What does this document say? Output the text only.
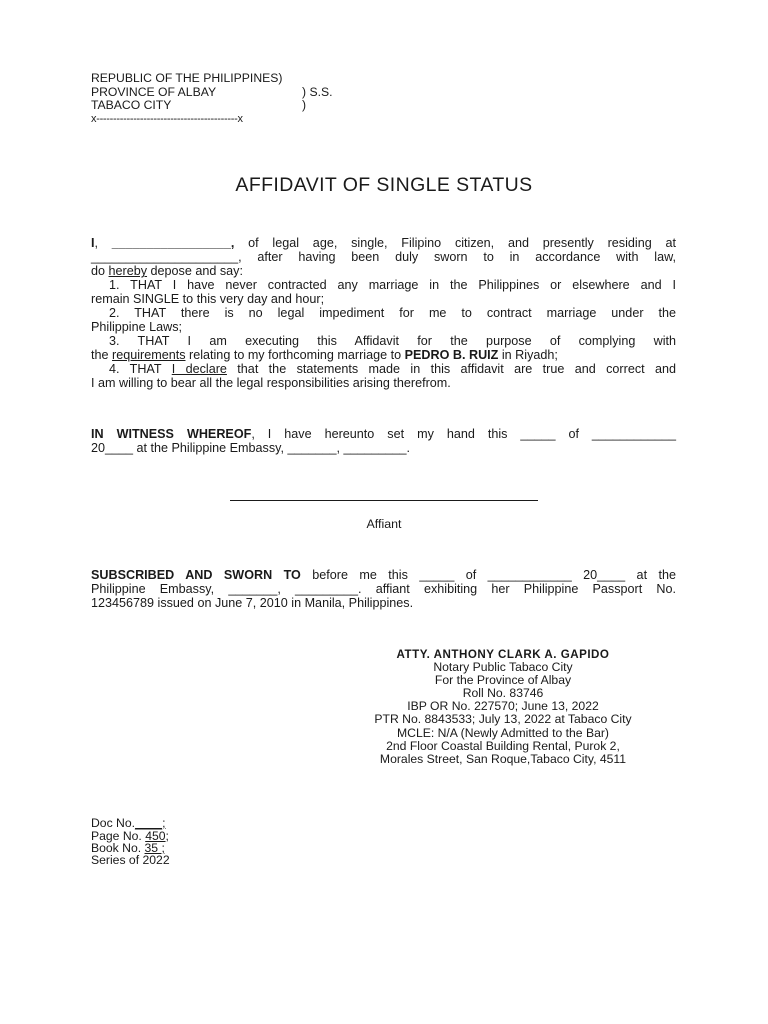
REPUBLIC OF THE PHILIPPINES)
PROVINCE OF ALBAY	) S.S.
TABACO CITY	)
x------------------------------------------x
AFFIDAVIT OF SINGLE STATUS
I, _________________, of legal age, single, Filipino citizen, and presently residing at
_____________________, after having been duly sworn to in accordance with law,
do hereby depose and say:
1. THAT I have never contracted any marriage in the Philippines or elsewhere and I
remain SINGLE to this very day and hour;
2. THAT there is no legal impediment for me to contract marriage under the
Philippine Laws;
3. THAT I am executing this Affidavit for the purpose of complying with
the requirements relating to my forthcoming marriage to PEDRO B. RUIZ in Riyadh;
4. THAT I declare that the statements made in this affidavit are true and correct and
I am willing to bear all the legal responsibilities arising therefrom.
IN WITNESS WHEREOF, I have hereunto set my hand this _____ of ____________
20____ at the Philippine Embassy, _______, _________.
Affiant
SUBSCRIBED AND SWORN TO before me this _____ of ____________ 20____ at the
Philippine Embassy, _______, _________. affiant exhibiting her Philippine Passport No.
123456789 issued on June 7, 2010 in Manila, Philippines.
ATTY. ANTHONY CLARK A. GAPIDO
Notary Public Tabaco City
For the Province of Albay
Roll No. 83746
IBP OR No. 227570; June 13, 2022
PTR No. 8843533; July 13, 2022 at Tabaco City
MCLE: N/A (Newly Admitted to the Bar)
2nd Floor Coastal Building Rental, Purok 2,
Morales Street, San Roque,Tabaco City, 4511
Doc No.____;
Page No. 450;
Book No. 35 ;
Series of 2022
